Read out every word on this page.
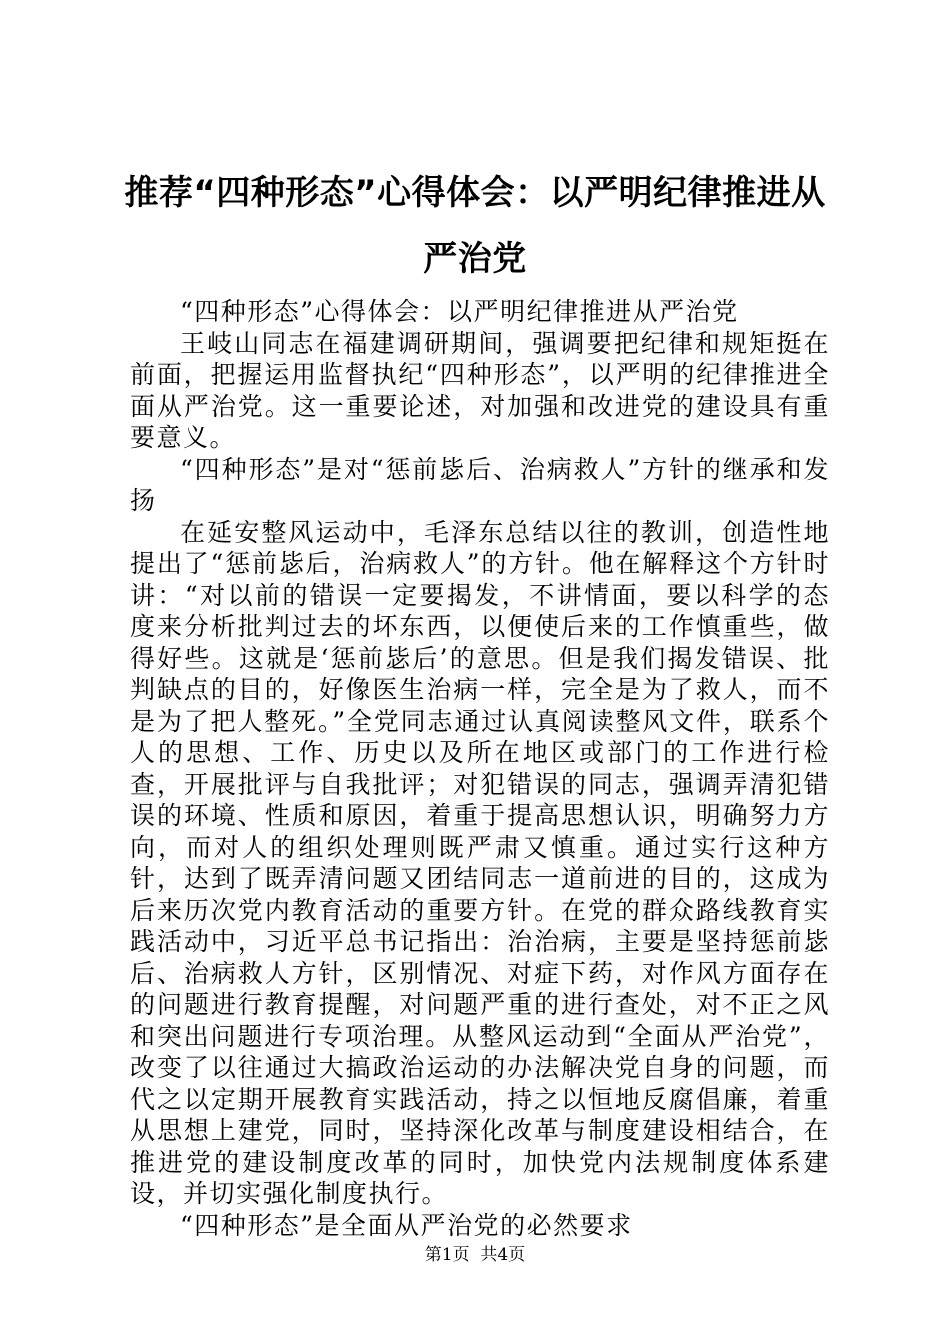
推荐“四种形态”心得体会：以严明纪律推进从严治党

“四种形态”心得体会：以严明纪律推进从严治党

王岐山同志在福建调研期间，强调要把纪律和规矩挺在前面，把握运用监督执纪“四种形态”，以严明的纪律推进全面从严治党。这一重要论述，对加强和改进党的建设具有重要意义。

“四种形态”是对“惩前毖后、治病救人”方针的继承和发扬

在延安整风运动中，毛泽东总结以往的教训，创造性地提出了“惩前毖后，治病救人”的方针。他在解释这个方针时讲：“对以前的错误一定要揭发，不讲情面，要以科学的态度来分析批判过去的坏东西，以便使后来的工作慎重些，做得好些。这就是‘惩前毖后’的意思。但是我们揭发错误、批判缺点的目的，好像医生治病一样，完全是为了救人，而不是为了把人整死。”全党同志通过认真阅读整风文件，联系个人的思想、工作、历史以及所在地区或部门的工作进行检查，开展批评与自我批评；对犯错误的同志，强调弄清犯错误的环境、性质和原因，着重于提高思想认识，明确努力方向，而对人的组织处理则既严肃又慎重。通过实行这种方针，达到了既弄清问题又团结同志一道前进的目的，这成为后来历次党内教育活动的重要方针。在党的群众路线教育实践活动中，习近平总书记指出：治治病，主要是坚持惩前毖后、治病救人方针，区别情况、对症下药，对作风方面存在的问题进行教育提醒，对问题严重的进行查处，对不正之风和突出问题进行专项治理。从整风运动到“全面从严治党”，改变了以往通过大搞政治运动的办法解决党自身的问题，而代之以定期开展教育实践活动，持之以恒地反腐倡廉，着重从思想上建党，同时，坚持深化改革与制度建设相结合，在推进党的建设制度改革的同时，加快党内法规制度体系建设，并切实强化制度执行。

“四种形态”是全面从严治党的必然要求

第1页  共4页
